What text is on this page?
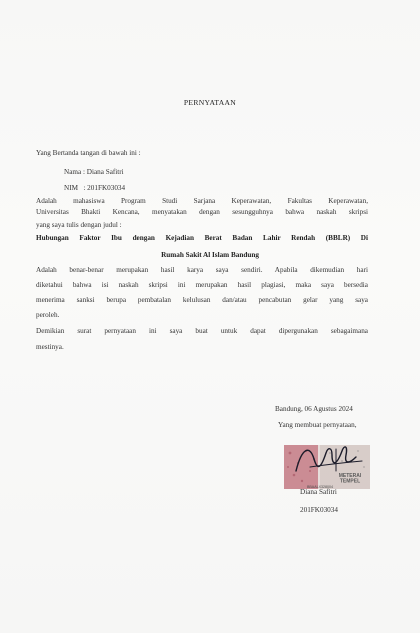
PERNYATAAN
Yang Bertanda tangan di bawah ini :
Nama : Diana Safitri
NIM   : 201FK03034
Adalah mahasiswa Program Studi Sarjana Keperawatan, Fakultas Keperawatan,
Universitas Bhakti Kencana, menyatakan dengan sesungguhnya bahwa naskah skripsi
yang saya tulis dengan judul :
Hubungan Faktor Ibu dengan Kejadian Berat Badan Lahir Rendah (BBLR) Di
Rumah Sakit Al Islam Bandung
Adalah benar-benar merupakan hasil karya saya sendiri. Apabila dikemudian hari
diketahui bahwa isi naskah skripsi ini merupakan hasil plagiasi, maka saya bersedia
menerima sanksi berupa pembatalan kelulusan dan/atau pencabutan gelar yang saya
peroleh.
Demikian surat pernyataan ini saya buat untuk dapat dipergunakan sebagaimana
mestinya.
Bandung, 06 Agustus 2024
Yang membuat pernyataan,
METERAI
TEMPEL
BBAALX328004
Diana Safitri
201FK03034
